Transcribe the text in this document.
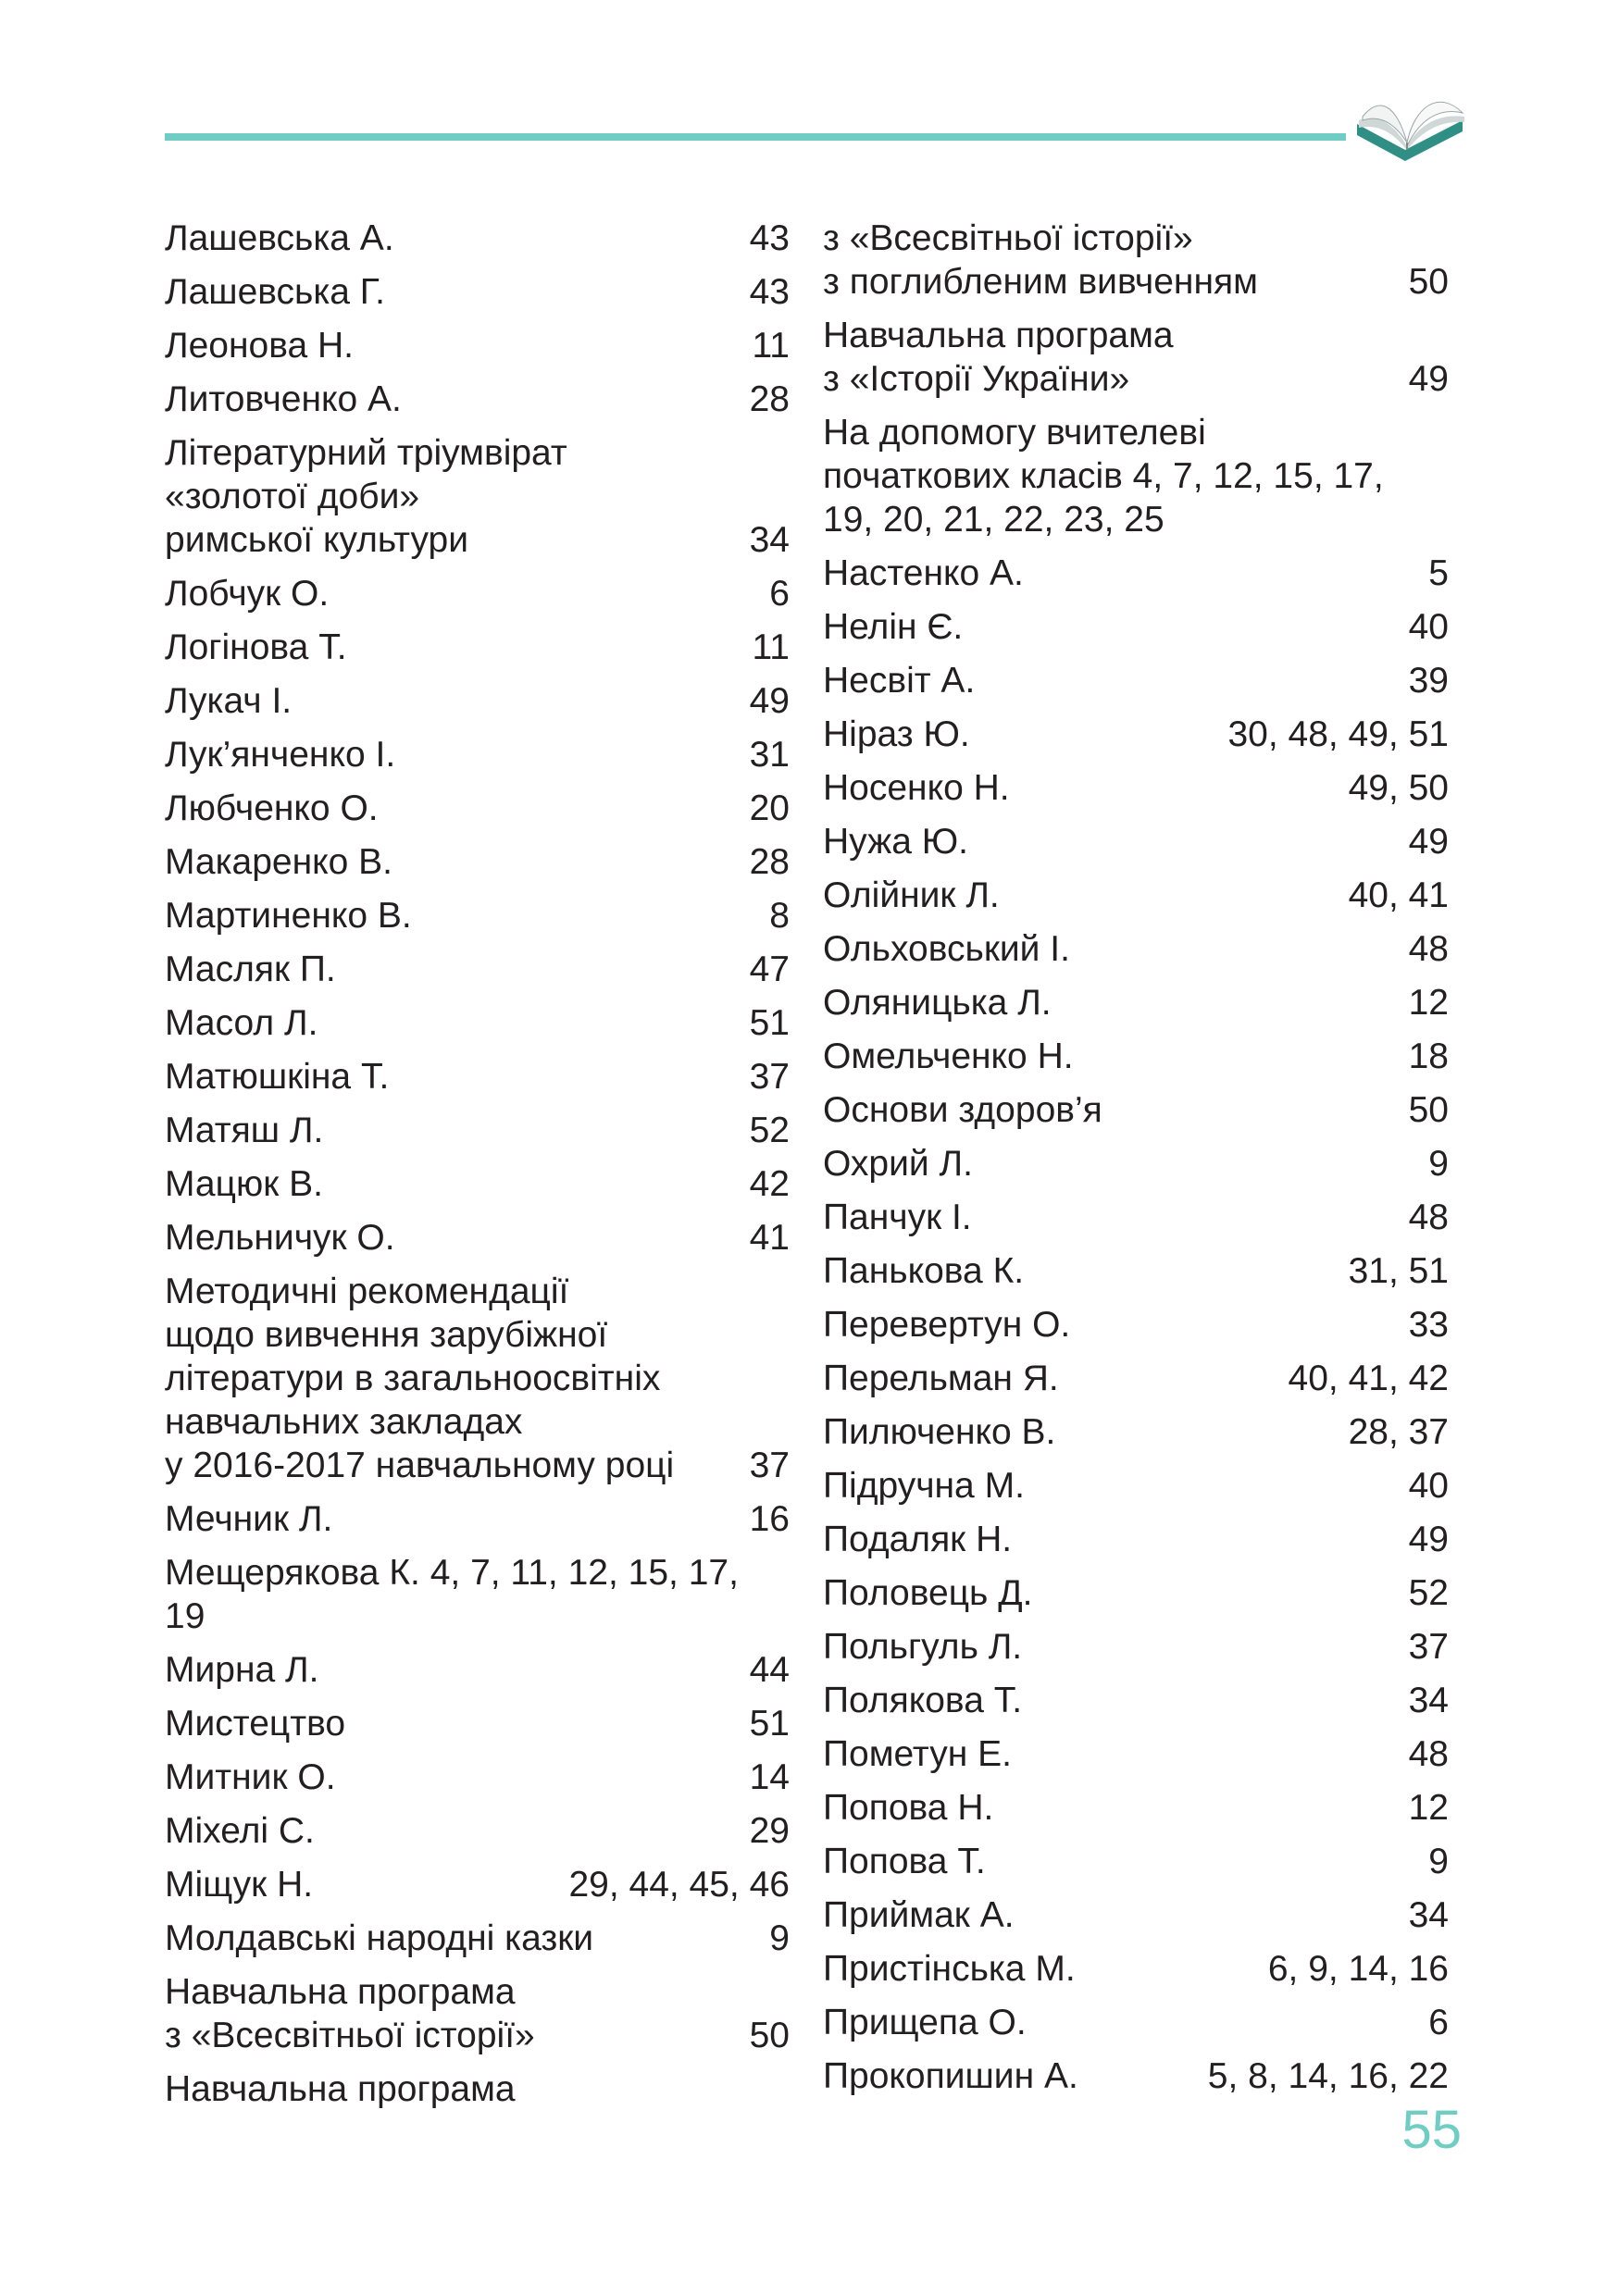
Лашевська А.	43
Лашевська Г.	43
Леонова Н.	11
Литовченко А.	28
Літературний тріумвірат
«золотої доби»
римської культури	34
Лобчук О.	6
Логінова Т.	11
Лукач І.	49
Лук’янченко І.	31
Любченко О.	20
Макаренко В.	28
Мартиненко В.	8
Масляк П.	47
Масол Л.	51
Матюшкіна Т.	37
Матяш Л.	52
Мацюк В.	42
Мельничук О.	41
Методичні рекомендації
щодо вивчення зарубіжної
літератури в загальноосвітніх
навчальних закладах
у 2016-2017 навчальному році 37
Мечник Л.	16
Мещерякова К. 4, 7, 11, 12, 15, 17,
19
Мирна Л.	44
Мистецтво	51
Митник О.	14
Міхелі С.	29
Міщук Н.	29, 44, 45, 46
Молдавські народні казки	9
Навчальна програма
з «Всесвітньої історії»	50
Навчальна програма
з «Всесвітньої історії»
з поглибленим вивченням	50
Навчальна програма
з «Історії України»	49
На допомогу вчителеві
початкових класів 4, 7, 12, 15, 17,
19, 20, 21, 22, 23, 25
Настенко А.	5
Нелін Є.	40
Несвіт А.	39
Ніраз Ю.	30, 48, 49, 51
Носенко Н.	49, 50
Нужа Ю.	49
Олійник Л.	40, 41
Ольховський І.	48
Оляницька Л.	12
Омельченко Н.	18
Основи здоров’я	50
Охрий Л.	9
Панчук І.	48
Панькова К.	31, 51
Перевертун О.	33
Перельман Я.	40, 41, 42
Пилюченко В.	28, 37
Підручна М.	40
Подаляк Н.	49
Половець Д.	52
Польгуль Л.	37
Полякова Т.	34
Пометун Е.	48
Попова Н.	12
Попова Т.	9
Приймак А.	34
Пристінська М.	6, 9, 14, 16
Прищепа О.	6
Прокопишин А.	5, 8, 14, 16, 22
55
